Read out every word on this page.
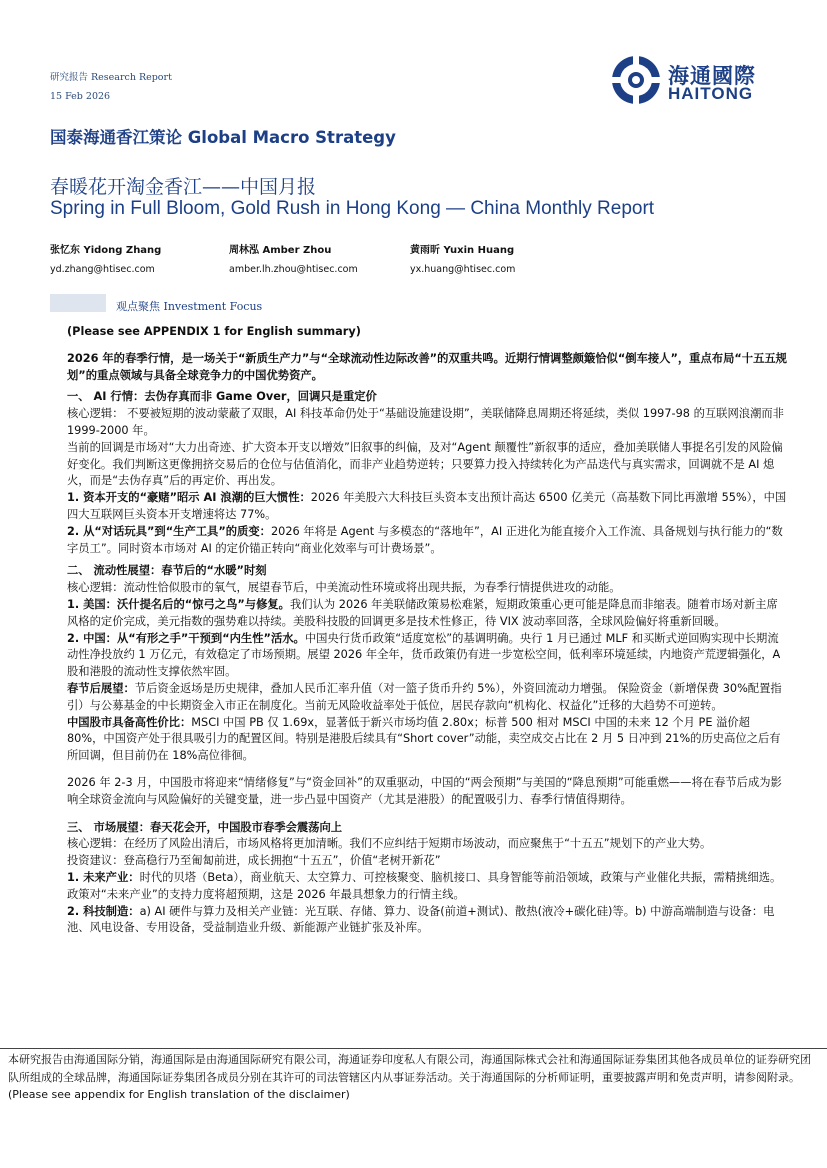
研究报告 Research Report
15 Feb 2026
海通國際
HAITONG
国泰海通香江策论 Global Macro Strategy
春暖花开淘金香江——中国月报
Spring in Full Bloom, Gold Rush in Hong Kong — China Monthly Report
张忆东 Yidong Zhang
yd.zhang@htisec.com
周林泓 Amber Zhou
amber.lh.zhou@htisec.com
黄雨昕 Yuxin Huang
yx.huang@htisec.com
观点聚焦 Investment Focus

(Please see APPENDIX 1 for English summary)

2026 年的春季行情，是一场关于“新质生产力”与“全球流动性边际改善”的双重共鸣。近期行情调整颇簸恰似“倒车接人”，重点布局“十五五规划”的重点领域与具备全球竞争力的中国优势资产。

一、 AI 行情：去伪存真而非 Game Over，回调只是重定价

核心逻辑： 不要被短期的波动蒙蔽了双眼，AI 科技革命仍处于“基础设施建设期”，美联储降息周期还将延续，类似 1997-98 的互联网浪潮而非 1999-2000 年。

当前的回调是市场对“大力出奇迹、扩大资本开支以增效”旧叙事的纠偏，及对“Agent 颠覆性”新叙事的适应，叠加美联储人事提名引发的风险偏好变化。我们判断这更像拥挤交易后的仓位与估值消化，而非产业趋势逆转；只要算力投入持续转化为产品迭代与真实需求，回调就不是 AI 熄火，而是“去伪存真”后的再定价、再出发。

1. 资本开支的“豪赌”昭示 AI 浪潮的巨大惯性：2026 年美股六大科技巨头资本支出预计高达 6500 亿美元（高基数下同比再激增 55%），中国四大互联网巨头资本开支增速将达 77%。

2. 从“对话玩具”到“生产工具”的质变：2026 年将是 Agent 与多模态的“落地年”，AI 正进化为能直接介入工作流、具备规划与执行能力的“数字员工”。同时资本市场对 AI 的定价锚正转向“商业化效率与可计费场景”。

二、 流动性展望：春节后的“水暖”时刻

核心逻辑：流动性恰似股市的氧气，展望春节后，中美流动性环境或将出现共振，为春季行情提供进攻的动能。

1. 美国：沃什提名后的“惊弓之鸟”与修复。我们认为 2026 年美联储政策易松难紧，短期政策重心更可能是降息而非缩表。随着市场对新主席风格的定价完成，美元指数的强势难以持续。美股科技股的回调更多是技术性修正，待 VIX 波动率回落，全球风险偏好将重新回暖。

2. 中国：从“有形之手”干预到“内生性”活水。中国央行货币政策“适度宽松”的基调明确。央行 1 月已通过 MLF 和买断式逆回购实现中长期流动性净投放约 1 万亿元，有效稳定了市场预期。展望 2026 年全年，货币政策仍有进一步宽松空间，低利率环境延续，内地资产荒逻辑强化，A 股和港股的流动性支撑依然牢固。

春节后展望：节后资金返场是历史规律，叠加人民币汇率升值（对一篮子货币升约 5%），外资回流动力增强。 保险资金（新增保费 30%配置指引）与公募基金的中长期资金入市正在制度化。当前无风险收益率处于低位，居民存款向“机构化、权益化”迁移的大趋势不可逆转。

中国股市具备高性价比：MSCI 中国 PB 仅 1.69x，显著低于新兴市场均值 2.80x；标普 500 相对 MSCI 中国的未来 12 个月 PE 溢价超 80%，中国资产处于很具吸引力的配置区间。特别是港股后续具有“Short cover”动能，卖空成交占比在 2 月 5 日冲到 21%的历史高位之后有所回调，但目前仍在 18%高位徘徊。

2026 年 2-3 月，中国股市将迎来“情绪修复”与“资金回补”的双重驱动，中国的“两会预期”与美国的“降息预期”可能重燃——将在春节后成为影响全球资金流向与风险偏好的关键变量，进一步凸显中国资产（尤其是港股）的配置吸引力、春季行情值得期待。

三、 市场展望：春天花会开，中国股市春季会震荡向上

核心逻辑：在经历了风险出清后，市场风格将更加清晰。我们不应纠结于短期市场波动，而应聚焦于“十五五”规划下的产业大势。

投资建议：登高稳行乃至匍匐前进，成长拥抱“十五五”，价值“老树开新花”

1. 未来产业：时代的贝塔（Beta），商业航天、太空算力、可控核聚变、脑机接口、具身智能等前沿领域，政策与产业催化共振，需精挑细选。政策对“未来产业”的支持力度将超预期，这是 2026 年最具想象力的行情主线。

2. 科技制造：a) AI 硬件与算力及相关产业链：光互联、存储、算力、设备(前道+测试)、散热(液冷+碳化硅)等。b) 中游高端制造与设备：电池、风电设备、专用设备，受益制造业升级、新能源产业链扩张及补库。

本研究报告由海通国际分销，海通国际是由海通国际研究有限公司，海通证券印度私人有限公司，海通国际株式会社和海通国际证券集团其他各成员单位的证券研究团队所组成的全球品牌，海通国际证券集团各成员分别在其许可的司法管辖区内从事证券活动。关于海通国际的分析师证明，重要披露声明和免责声明，请参阅附录。(Please see appendix for English translation of the disclaimer)
